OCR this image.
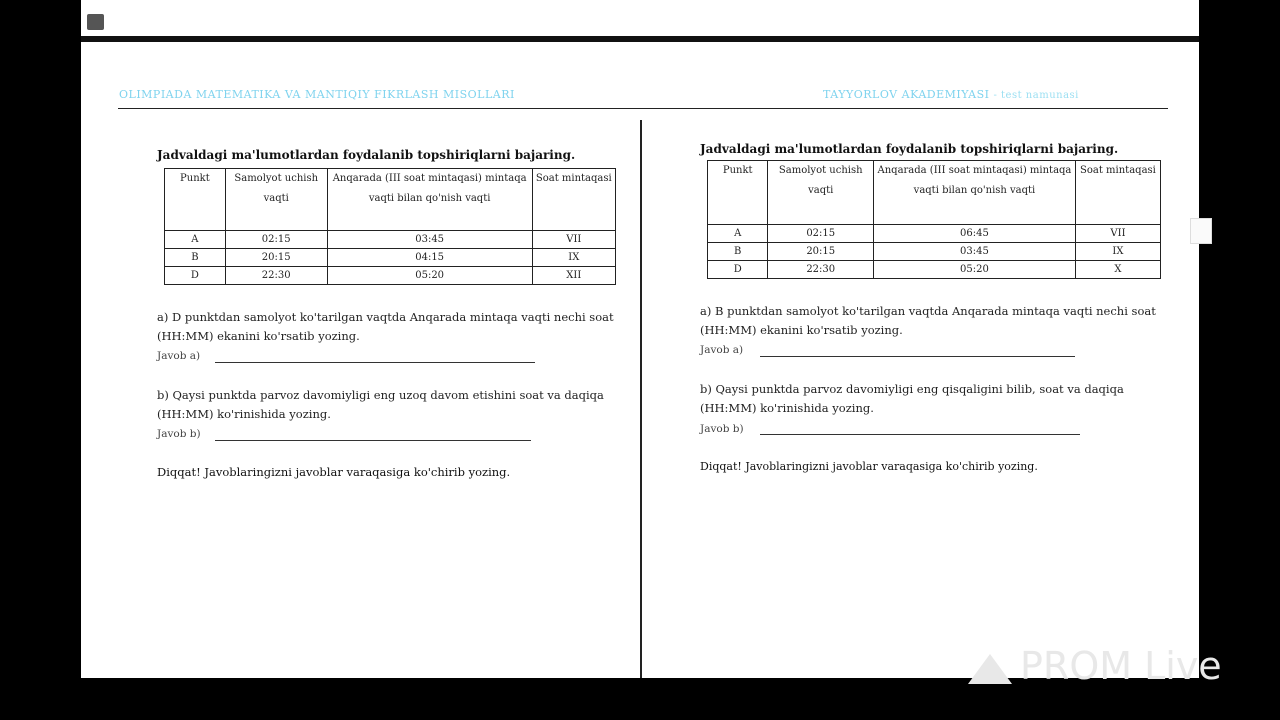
OLIMPIADA MATEMATIKA VA MANTIQIY FIKRLASH MISOLLARI	TAYYORLOV AKADEMIYASI - test namunasi
Jadvaldagi ma'lumotlardan foydalanib topshiriqlarni bajaring.
Punkt	Samolyot uchish vaqti	Anqarada (III soat mintaqasi) mintaqa vaqti bilan qo'nish vaqti	Soat mintaqasi
A	02:15	03:45	VII
B	20:15	04:15	IX
D	22:30	05:20	XII
a) D punktdan samolyot ko'tarilgan vaqtda Anqarada mintaqa vaqti nechi soat (HH:MM) ekanini ko'rsatib yozing.
Javob a)
b) Qaysi punktda parvoz davomiyligi eng uzoq davom etishini soat va daqiqa (HH:MM) ko'rinishida yozing.
Javob b)
Diqqat! Javoblaringizni javoblar varaqasiga ko'chirib yozing.
Jadvaldagi ma'lumotlardan foydalanib topshiriqlarni bajaring.
Punkt	Samolyot uchish vaqti	Anqarada (III soat mintaqasi) mintaqa vaqti bilan qo'nish vaqti	Soat mintaqasi
A	02:15	06:45	VII
B	20:15	03:45	IX
D	22:30	05:20	X
a) B punktdan samolyot ko'tarilgan vaqtda Anqarada mintaqa vaqti nechi soat (HH:MM) ekanini ko'rsatib yozing.
Javob a)
b) Qaysi punktda parvoz davomiyligi eng qisqaligini bilib, soat va daqiqa (HH:MM) ko'rinishida yozing.
Javob b)
Diqqat! Javoblaringizni javoblar varaqasiga ko'chirib yozing.
PROM Live
